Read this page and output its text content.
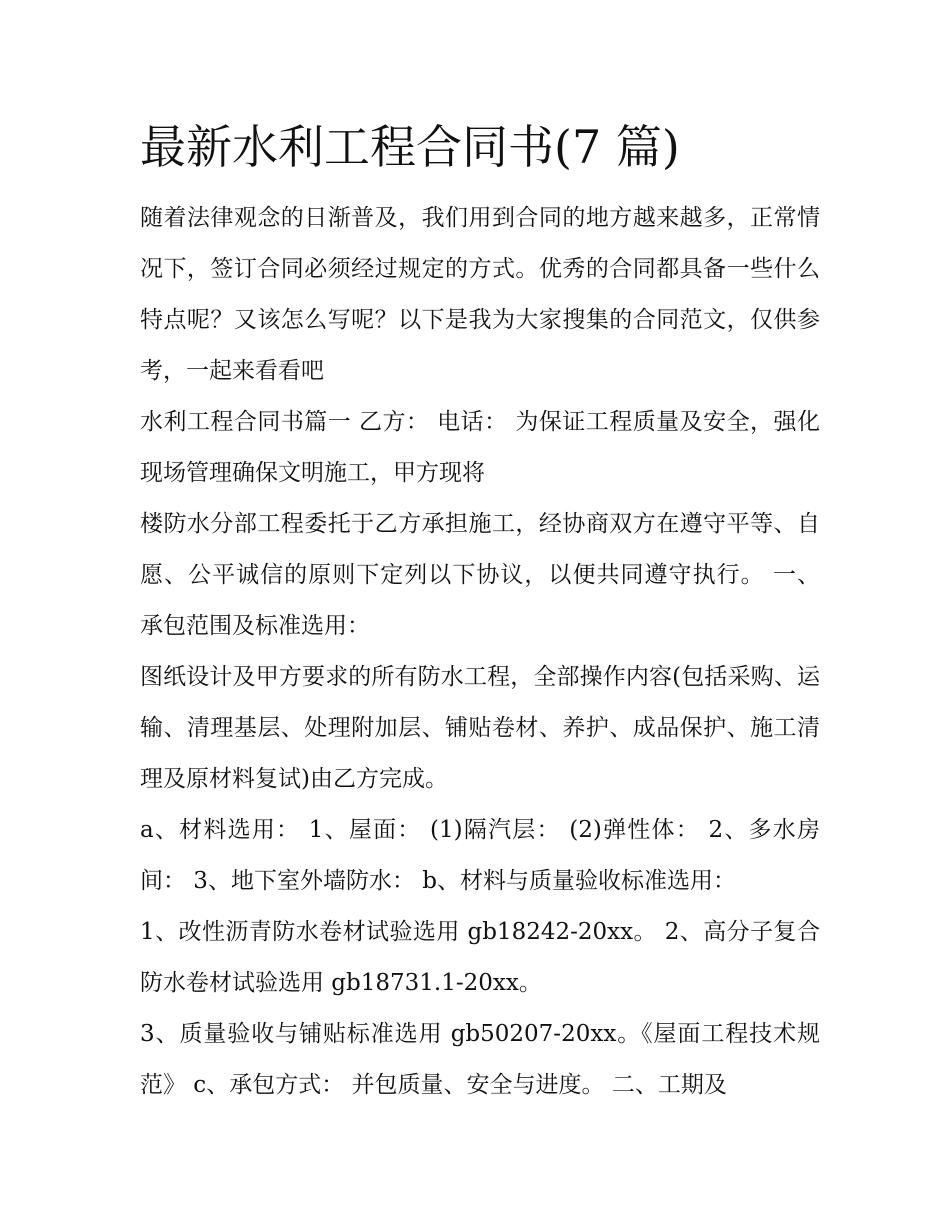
最新水利工程合同书(7 篇)

随着法律观念的日渐普及，我们用到合同的地方越来越多，正常情况下，签订合同必须经过规定的方式。优秀的合同都具备一些什么特点呢？又该怎么写呢？以下是我为大家搜集的合同范文，仅供参考，一起来看看吧

水利工程合同书篇一 乙方： 电话： 为保证工程质量及安全，强化现场管理确保文明施工，甲方现将

楼防水分部工程委托于乙方承担施工，经协商双方在遵守平等、自愿、公平诚信的原则下定列以下协议，以便共同遵守执行。 一、 承包范围及标准选用：

图纸设计及甲方要求的所有防水工程，全部操作内容(包括采购、运输、清理基层、处理附加层、铺贴卷材、养护、成品保护、施工清理及原材料复试)由乙方完成。

a、材料选用： 1、屋面： (1)隔汽层： (2)弹性体： 2、多水房间： 3、地下室外墙防水： b、材料与质量验收标准选用：

1、改性沥青防水卷材试验选用 gb18242-20xx。 2、高分子复合防水卷材试验选用 gb18731.1-20xx。

3、质量验收与铺贴标准选用 gb50207-20xx。《屋面工程技术规范》 c、承包方式： 并包质量、安全与进度。 二、工期及
